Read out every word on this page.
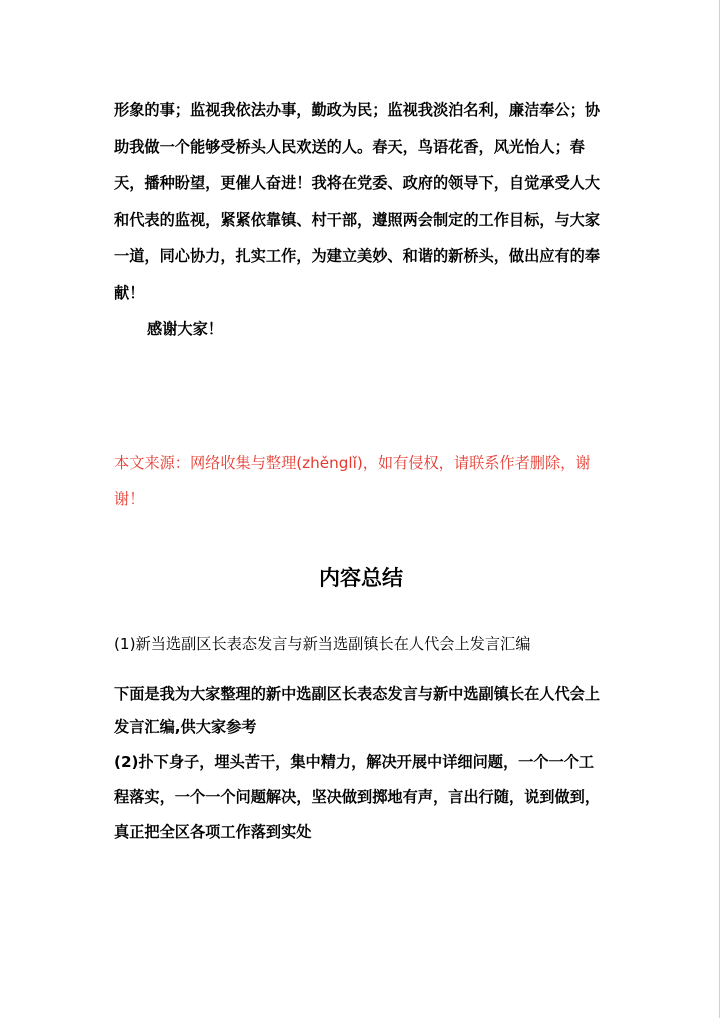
形象的事；监视我依法办事，勤政为民；监视我淡泊名利，廉洁奉公；协助我做一个能够受桥头人民欢送的人。春天，鸟语花香，风光怡人；春天，播种盼望，更催人奋进！我将在党委、政府的领导下，自觉承受人大和代表的监视，紧紧依靠镇、村干部，遵照两会制定的工作目标，与大家一道，同心协力，扎实工作，为建立美妙、和谐的新桥头，做出应有的奉献！

感谢大家！

本文来源：网络收集与整理(zhěnglǐ)，如有侵权，请联系作者删除，谢谢！

内容总结

(1)新当选副区长表态发言与新当选副镇长在人代会上发言汇编

下面是我为大家整理的新中选副区长表态发言与新中选副镇长在人代会上发言汇编,供大家参考

(2)扑下身子，埋头苦干，集中精力，解决开展中详细问题，一个一个工程落实，一个一个问题解决，坚决做到掷地有声，言出行随，说到做到，真正把全区各项工作落到实处
